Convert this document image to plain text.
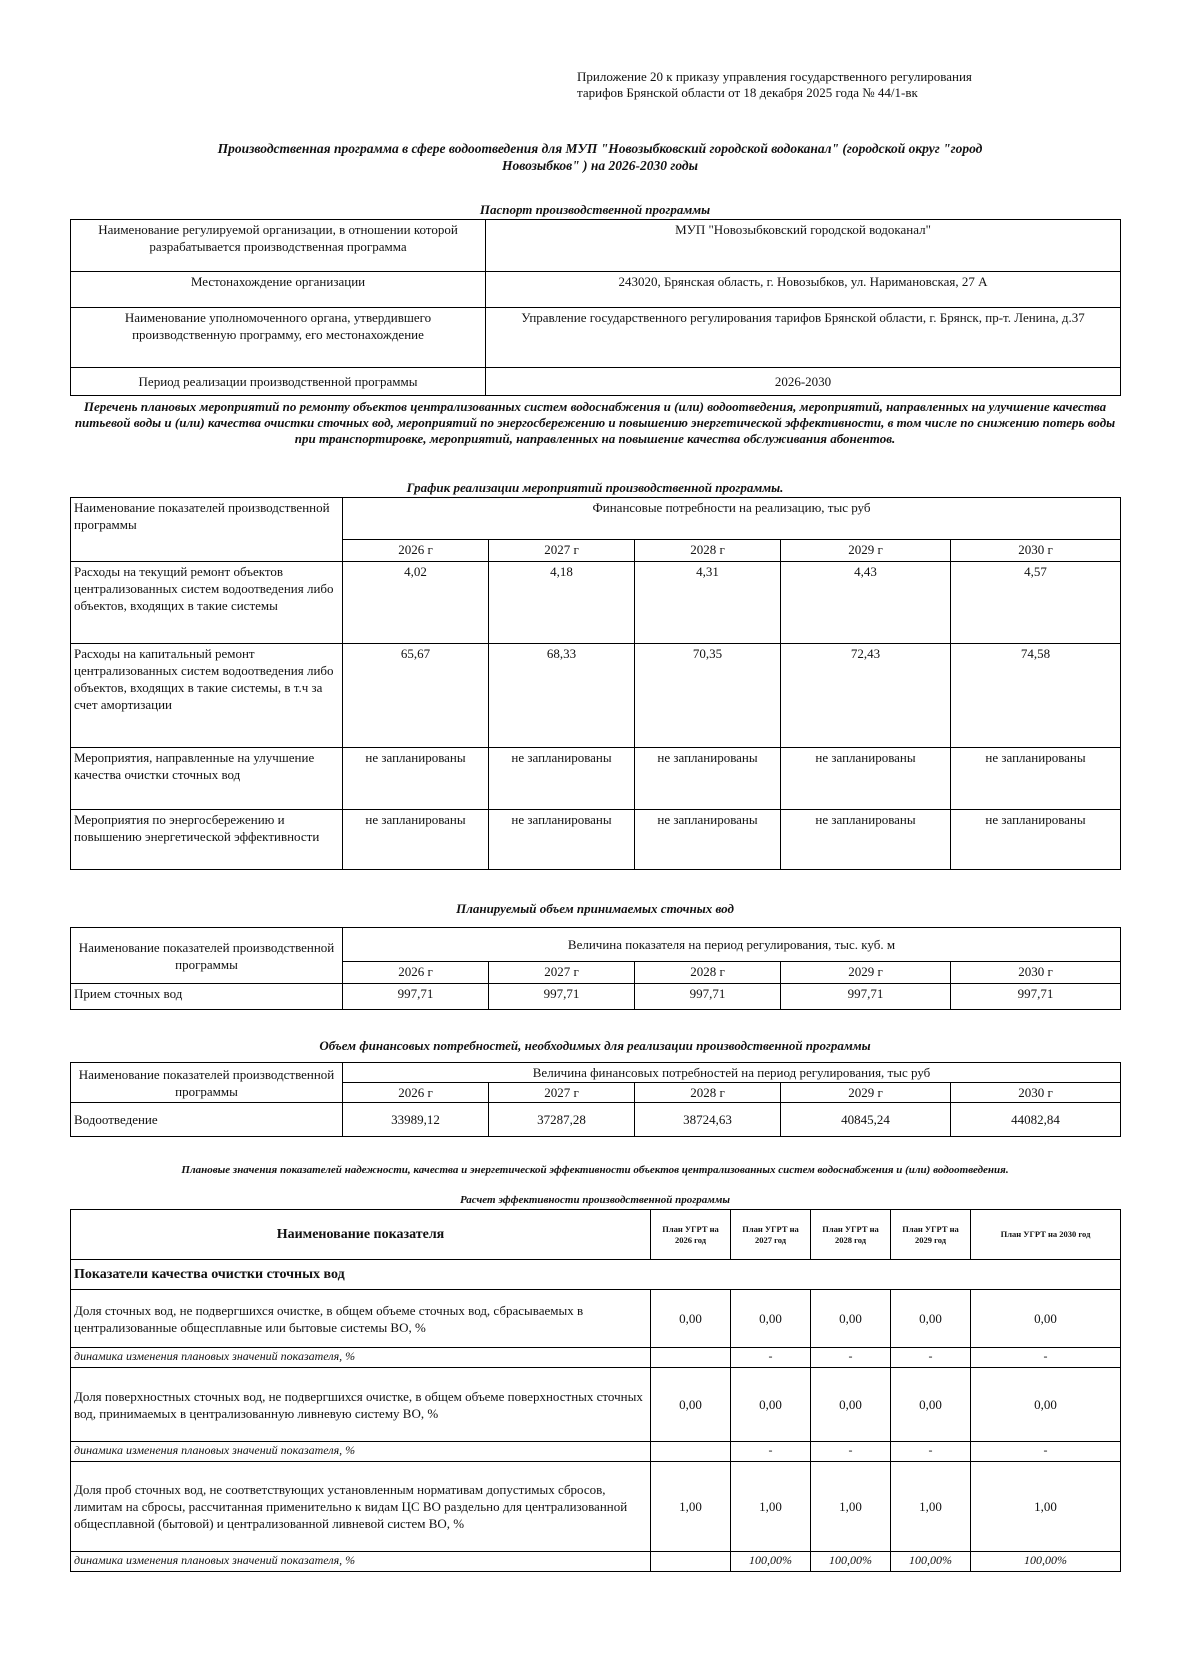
Приложение 20 к приказу управления государственного регулирования
тарифов Брянской области от 18 декабря 2025 года № 44/1-вк
Производственная программа в сфере водоотведения для МУП "Новозыбковский городской водоканал" (городской округ "город
Новозыбков" ) на 2026-2030 годы
Паспорт производственной программы
Наименование регулируемой организации, в отношении которой разрабатывается производственная программа	МУП "Новозыбковский городской водоканал"
Местонахождение организации	243020, Брянская область, г. Новозыбков, ул. Наримановская, 27 А
Наименование уполномоченного органа, утвердившего производственную программу, его местонахождение	Управление государственного регулирования тарифов Брянской области, г. Брянск, пр-т. Ленина, д.37
Период реализации производственной программы	2026-2030
Перечень плановых мероприятий по ремонту объектов централизованных систем водоснабжения и (или) водоотведения, мероприятий, направленных на улучшение качества питьевой воды и (или) качества очистки сточных вод, мероприятий по энергосбережению и повышению энергетической эффективности, в том числе по снижению потерь воды при транспортировке, мероприятий, направленных на повышение качества обслуживания абонентов.
График реализации мероприятий производственной программы.
Наименование показателей производственной программы	Финансовые потребности на реализацию, тыс руб				
	2026 г	2027 г	2028 г	2029 г	2030 г
Расходы на текущий ремонт объектов централизованных систем водоотведения либо объектов, входящих в такие системы	4,02	4,18	4,31	4,43	4,57
Расходы на капитальный ремонт централизованных систем водоотведения либо объектов, входящих в такие системы, в т.ч за счет амортизации	65,67	68,33	70,35	72,43	74,58
Мероприятия, направленные на улучшение качества очистки сточных вод	не запланированы	не запланированы	не запланированы	не запланированы	не запланированы
Мероприятия по энергосбережению и повышению энергетической эффективности	не запланированы	не запланированы	не запланированы	не запланированы	не запланированы
Планируемый объем принимаемых сточных вод
Наименование показателей производственной программы	Величина показателя на период регулирования, тыс. куб. м				
	2026 г	2027 г	2028 г	2029 г	2030 г
Прием сточных вод	997,71	997,71	997,71	997,71	997,71
Объем финансовых потребностей, необходимых для реализации производственной программы
Наименование показателей производственной программы	Величина финансовых потребностей на период регулирования, тыс руб				
	2026 г	2027 г	2028 г	2029 г	2030 г
Водоотведение	33989,12	37287,28	38724,63	40845,24	44082,84
Плановые значения показателей надежности, качества и энергетической эффективности объектов централизованных систем водоснабжения и (или) водоотведения.
Расчет эффективности производственной программы
Наименование показателя	План УГРТ на 2026 год	План УГРТ на 2027 год	План УГРТ на 2028 год	План УГРТ на 2029 год	План УГРТ на 2030 год
Показатели качества очистки сточных вод					
Доля сточных вод, не подвергшихся очистке, в общем объеме сточных вод, сбрасываемых в централизованные общесплавные или бытовые системы ВО, %	0,00	0,00	0,00	0,00	0,00
динамика изменения плановых значений показателя, %		-	-	-	-
Доля поверхностных сточных вод, не подвергшихся очистке, в общем объеме поверхностных сточных вод, принимаемых в централизованную ливневую систему ВО, %	0,00	0,00	0,00	0,00	0,00
динамика изменения плановых значений показателя, %		-	-	-	-
Доля проб сточных вод, не соответствующих установленным нормативам допустимых сбросов, лимитам на сбросы, рассчитанная применительно к видам ЦС ВО раздельно для централизованной общесплавной (бытовой) и централизованной ливневой систем ВО, %	1,00	1,00	1,00	1,00	1,00
динамика изменения плановых значений показателя, %		100,00%	100,00%	100,00%	100,00%
